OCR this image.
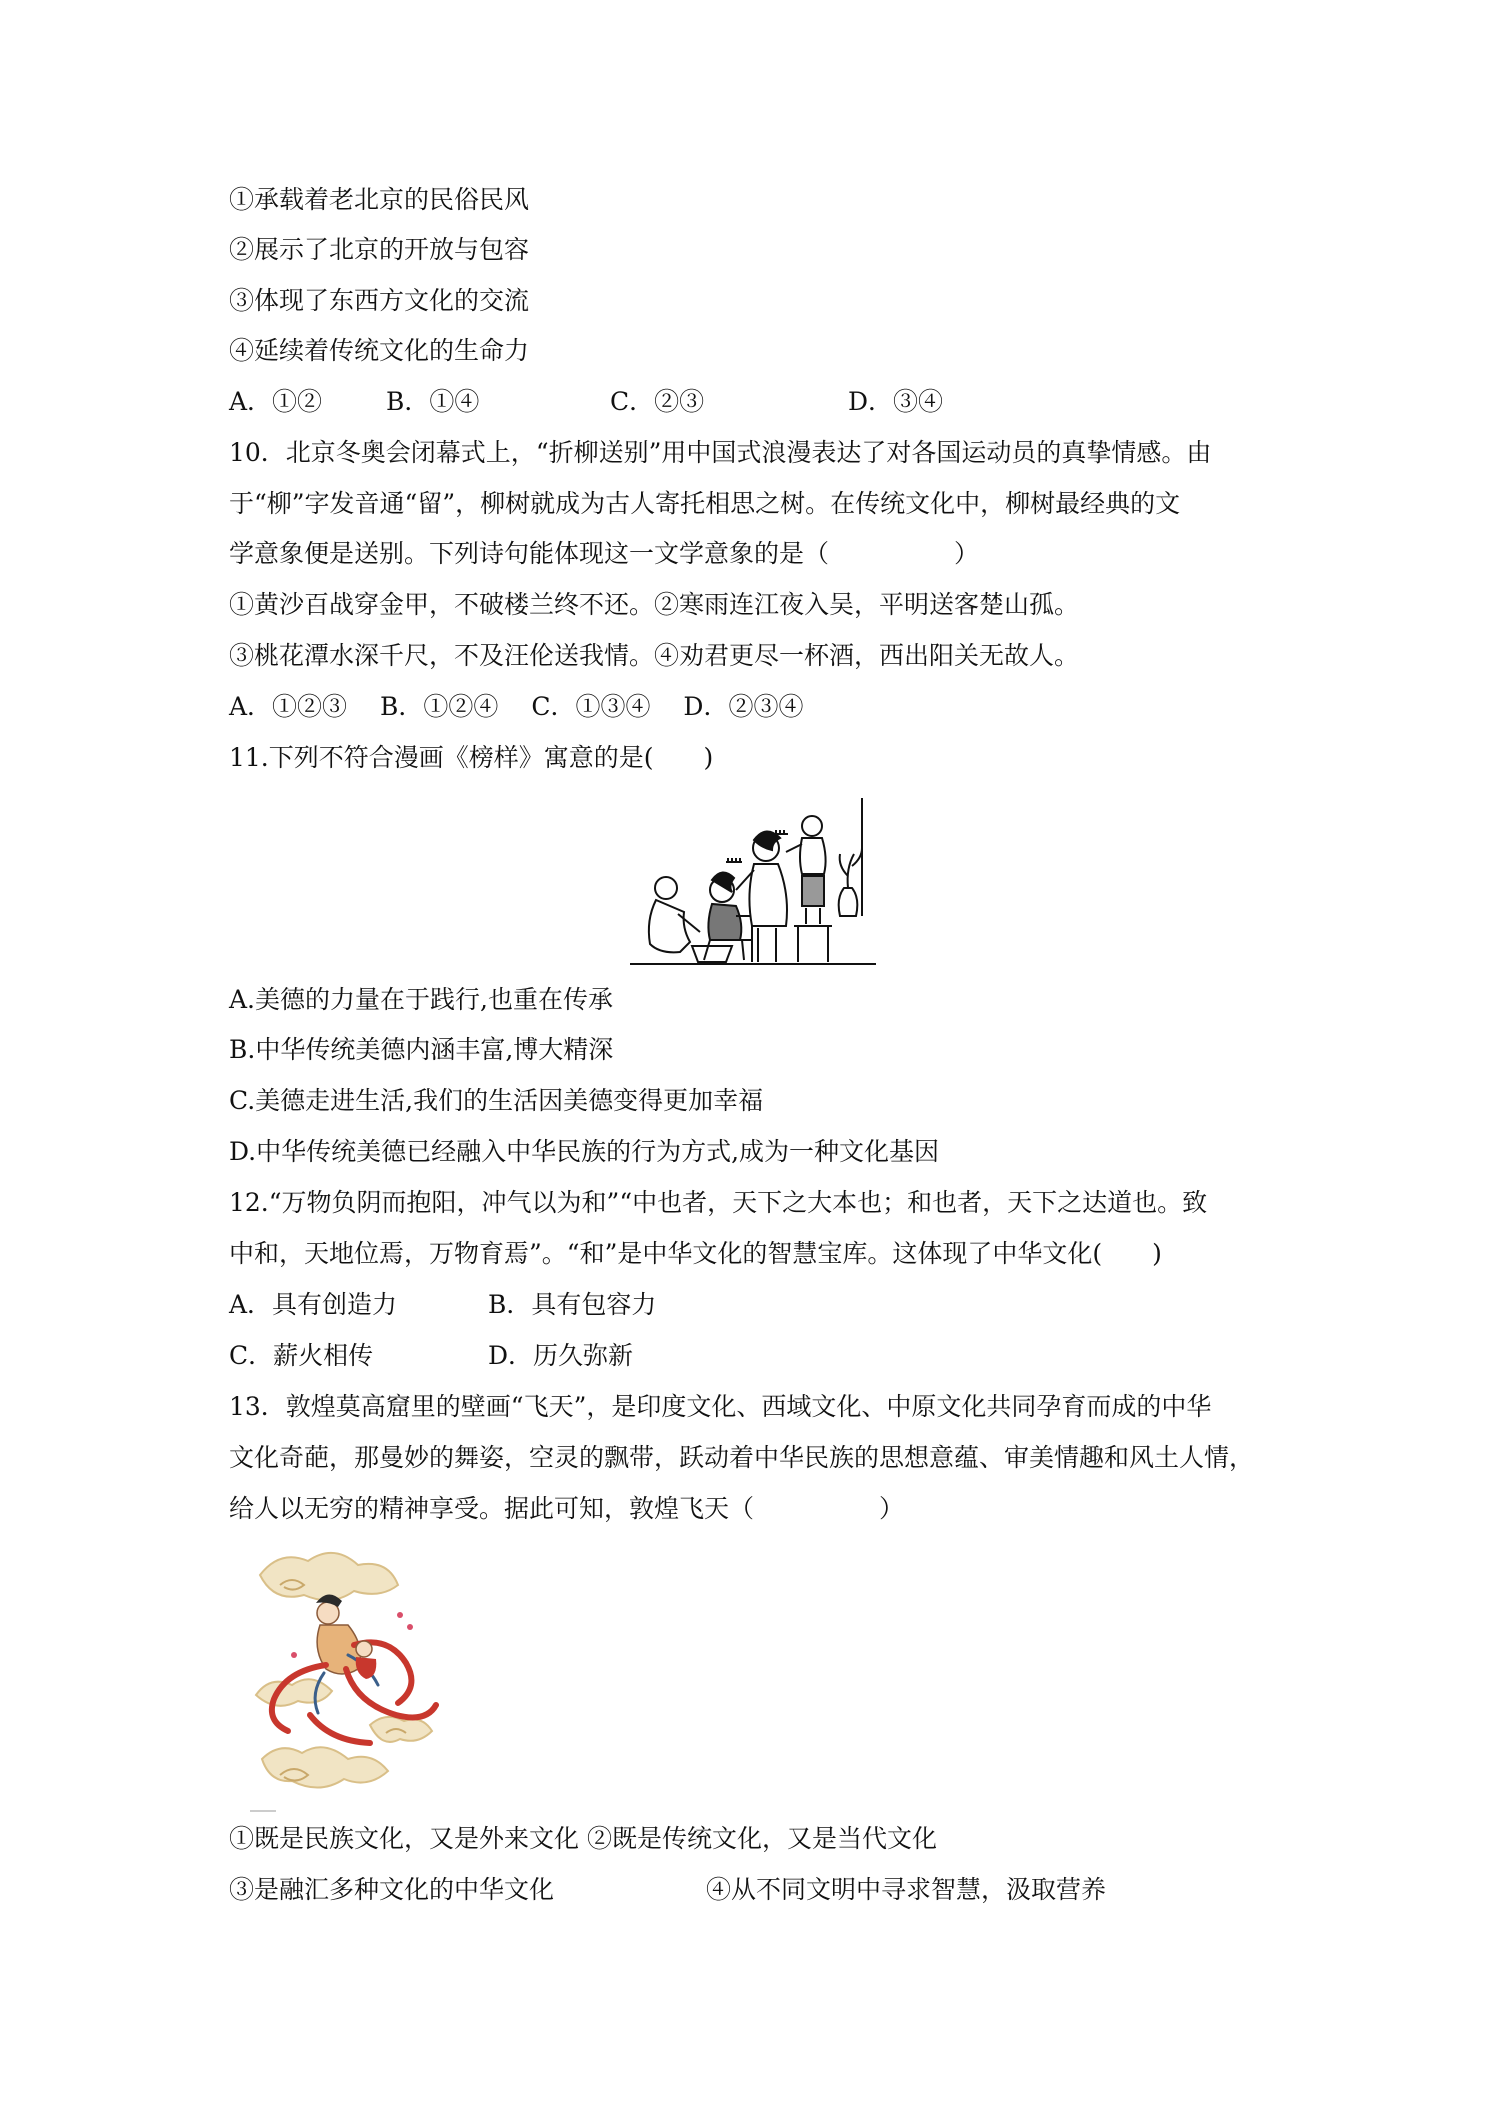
①承载着老北京的民俗民风
②展示了北京的开放与包容
③体现了东西方文化的交流
④延续着传统文化的生命力
A．①②	B．①④	C．②③	D．③④
10．北京冬奥会闭幕式上，“折柳送别”用中国式浪漫表达了对各国运动员的真挚情感。由
于“柳”字发音通“留”，柳树就成为古人寄托相思之树。在传统文化中，柳树最经典的文
学意象便是送别。下列诗句能体现这一文学意象的是（　　　　　）
①黄沙百战穿金甲，不破楼兰终不还。②寒雨连江夜入吴，平明送客楚山孤。
③桃花潭水深千尺，不及汪伦送我情。④劝君更尽一杯酒，西出阳关无故人。
A．①②③　 B．①②④　 C．①③④　 D．②③④
11.下列不符合漫画《榜样》寓意的是(　　)
A.美德的力量在于践行,也重在传承
B.中华传统美德内涵丰富,博大精深
C.美德走进生活,我们的生活因美德变得更加幸福
D.中华传统美德已经融入中华民族的行为方式,成为一种文化基因
12.“万物负阴而抱阳，冲气以为和”“中也者，天下之大本也；和也者，天下之达道也。致
中和，天地位焉，万物育焉”。“和”是中华文化的智慧宝库。这体现了中华文化(　　)
A．具有创造力	B．具有包容力
C．薪火相传	D．历久弥新
13．敦煌莫高窟里的壁画“飞天”，是印度文化、西域文化、中原文化共同孕育而成的中华
文化奇葩，那曼妙的舞姿，空灵的飘带，跃动着中华民族的思想意蕴、审美情趣和风土人情，
给人以无穷的精神享受。据此可知，敦煌飞天（　　　　　）
①既是民族文化，又是外来文化 ②既是传统文化，又是当代文化
③是融汇多种文化的中华文化	④从不同文明中寻求智慧，汲取营养
